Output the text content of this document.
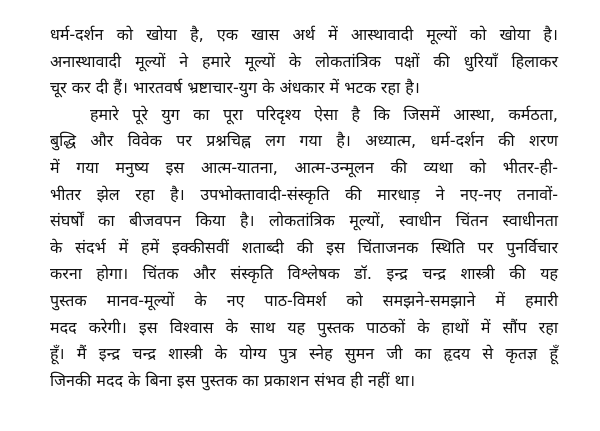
धर्म-दर्शन को खोया है, एक खास अर्थ में आस्थावादी मूल्यों को खोया है।
अनास्थावादी मूल्यों ने हमारे मूल्यों के लोकतांत्रिक पक्षों की धुरियाँ हिलाकर
चूर कर दी हैं। भारतवर्ष भ्रष्टाचार-युग के अंधकार में भटक रहा है।
हमारे पूरे युग का पूरा परिदृश्य ऐसा है कि जिसमें आस्था, कर्मठता,
बुद्धि और विवेक पर प्रश्नचिह्न लग गया है। अध्यात्म, धर्म-दर्शन की शरण
में गया मनुष्य इस आत्म-यातना, आत्म-उन्मूलन की व्यथा को भीतर-ही-
भीतर झेल रहा है। उपभोक्तावादी-संस्कृति की मारधाड़ ने नए-नए तनावों-
संघर्षों का बीजवपन किया है। लोकतांत्रिक मूल्यों, स्वाधीन चिंतन स्वाधीनता
के संदर्भ में हमें इक्कीसवीं शताब्दी की इस चिंताजनक स्थिति पर पुनर्विचार
करना होगा। चिंतक और संस्कृति विश्लेषक डॉ. इन्द्र चन्द्र शास्त्री की यह
पुस्तक मानव-मूल्यों के नए पाठ-विमर्श को समझने-समझाने में हमारी
मदद करेगी। इस विश्वास के साथ यह पुस्तक पाठकों के हाथों में सौंप रहा
हूँ। मैं इन्द्र चन्द्र शास्त्री के योग्य पुत्र स्नेह सुमन जी का हृदय से कृतज्ञ हूँ
जिनकी मदद के बिना इस पुस्तक का प्रकाशन संभव ही नहीं था।
